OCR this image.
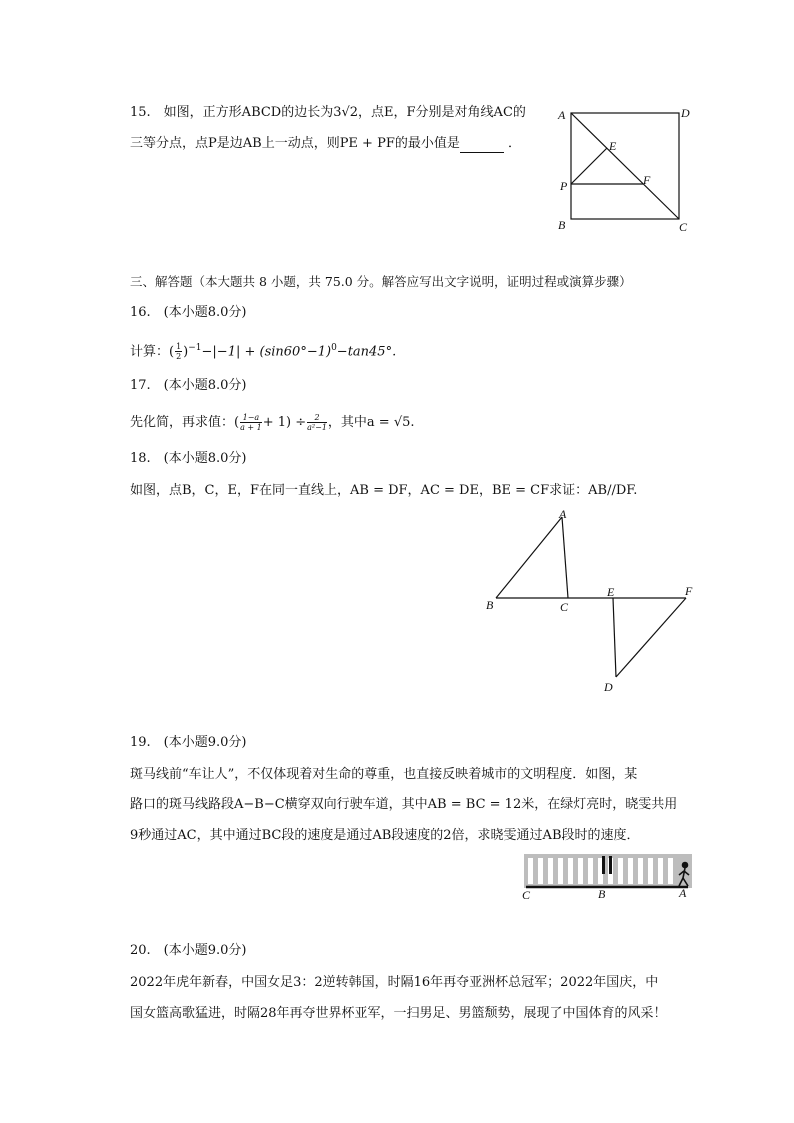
15.　如图，正方形ABCD的边长为3√2，点E，F分别是对角线AC的
三等分点，点P是边AB上一动点，则PE + PF的最小值是	．
A	D
E
P	F
B	C
三、解答题（本大题共 8 小题，共 75.0 分。解答应写出文字说明，证明过程或演算步骤）
16.　(本小题8.0分)
计算：( $\frac{1}{2} )^{-1}-|-1| + (\sin 60^\circ-1)^0-\tan 45^\circ$.
17.　(本小题8.0分)
先化简，再求值：( $\frac{1-a}{a + 1} + 1) \div \frac{2}{\text{a²−1}}$ ，其中a = √5.
18.　(本小题8.0分)
如图，点B，C，E，F在同一直线上，AB = DF，AC = DE，BE = CF求证：AB//DF.
A
B	C
E	F
D
19.　(本小题9.0分)
斑马线前“车让人”，不仅体现着对生命的尊重，也直接反映着城市的文明程度．如图，某
路口的斑马线路段A−B−C横穿双向行驶车道，其中AB = BC = 12米，在绿灯亮时，晓雯共用
9秒通过AC，其中通过BC段的速度是通过AB段速度的2倍，求晓雯通过AB段时的速度．
C	B	A
20.　(本小题9.0分)
2022年虎年新春，中国女足3：2逆转韩国，时隔16年再夺亚洲杯总冠军；2022年国庆，中
国女篮高歌猛进，时隔28年再夺世界杯亚军，一扫男足、男篮颓势，展现了中国体育的风采！
